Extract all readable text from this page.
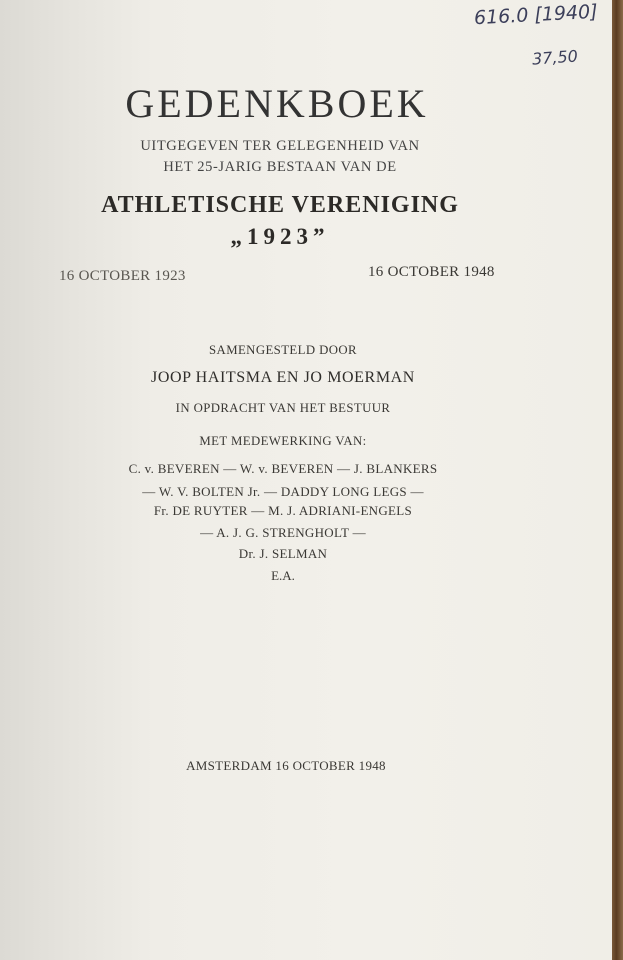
616.0 [1940]
37,50
GEDENKBOEK
UITGEGEVEN TER GELEGENHEID VAN
HET 25-JARIG BESTAAN VAN DE
ATHLETISCHE VERENIGING
„1923”
16 OCTOBER 1923	16 OCTOBER 1948
SAMENGESTELD DOOR
JOOP HAITSMA EN JO MOERMAN
IN OPDRACHT VAN HET BESTUUR
MET MEDEWERKING VAN:
C. v. BEVEREN — W. v. BEVEREN — J. BLANKERS
— W. V. BOLTEN Jr. — DADDY LONG LEGS —
Fr. DE RUYTER — M. J. ADRIANI-ENGELS
— A. J. G. STRENGHOLT —
Dr. J. SELMAN
E.A.
AMSTERDAM 16 OCTOBER 1948
